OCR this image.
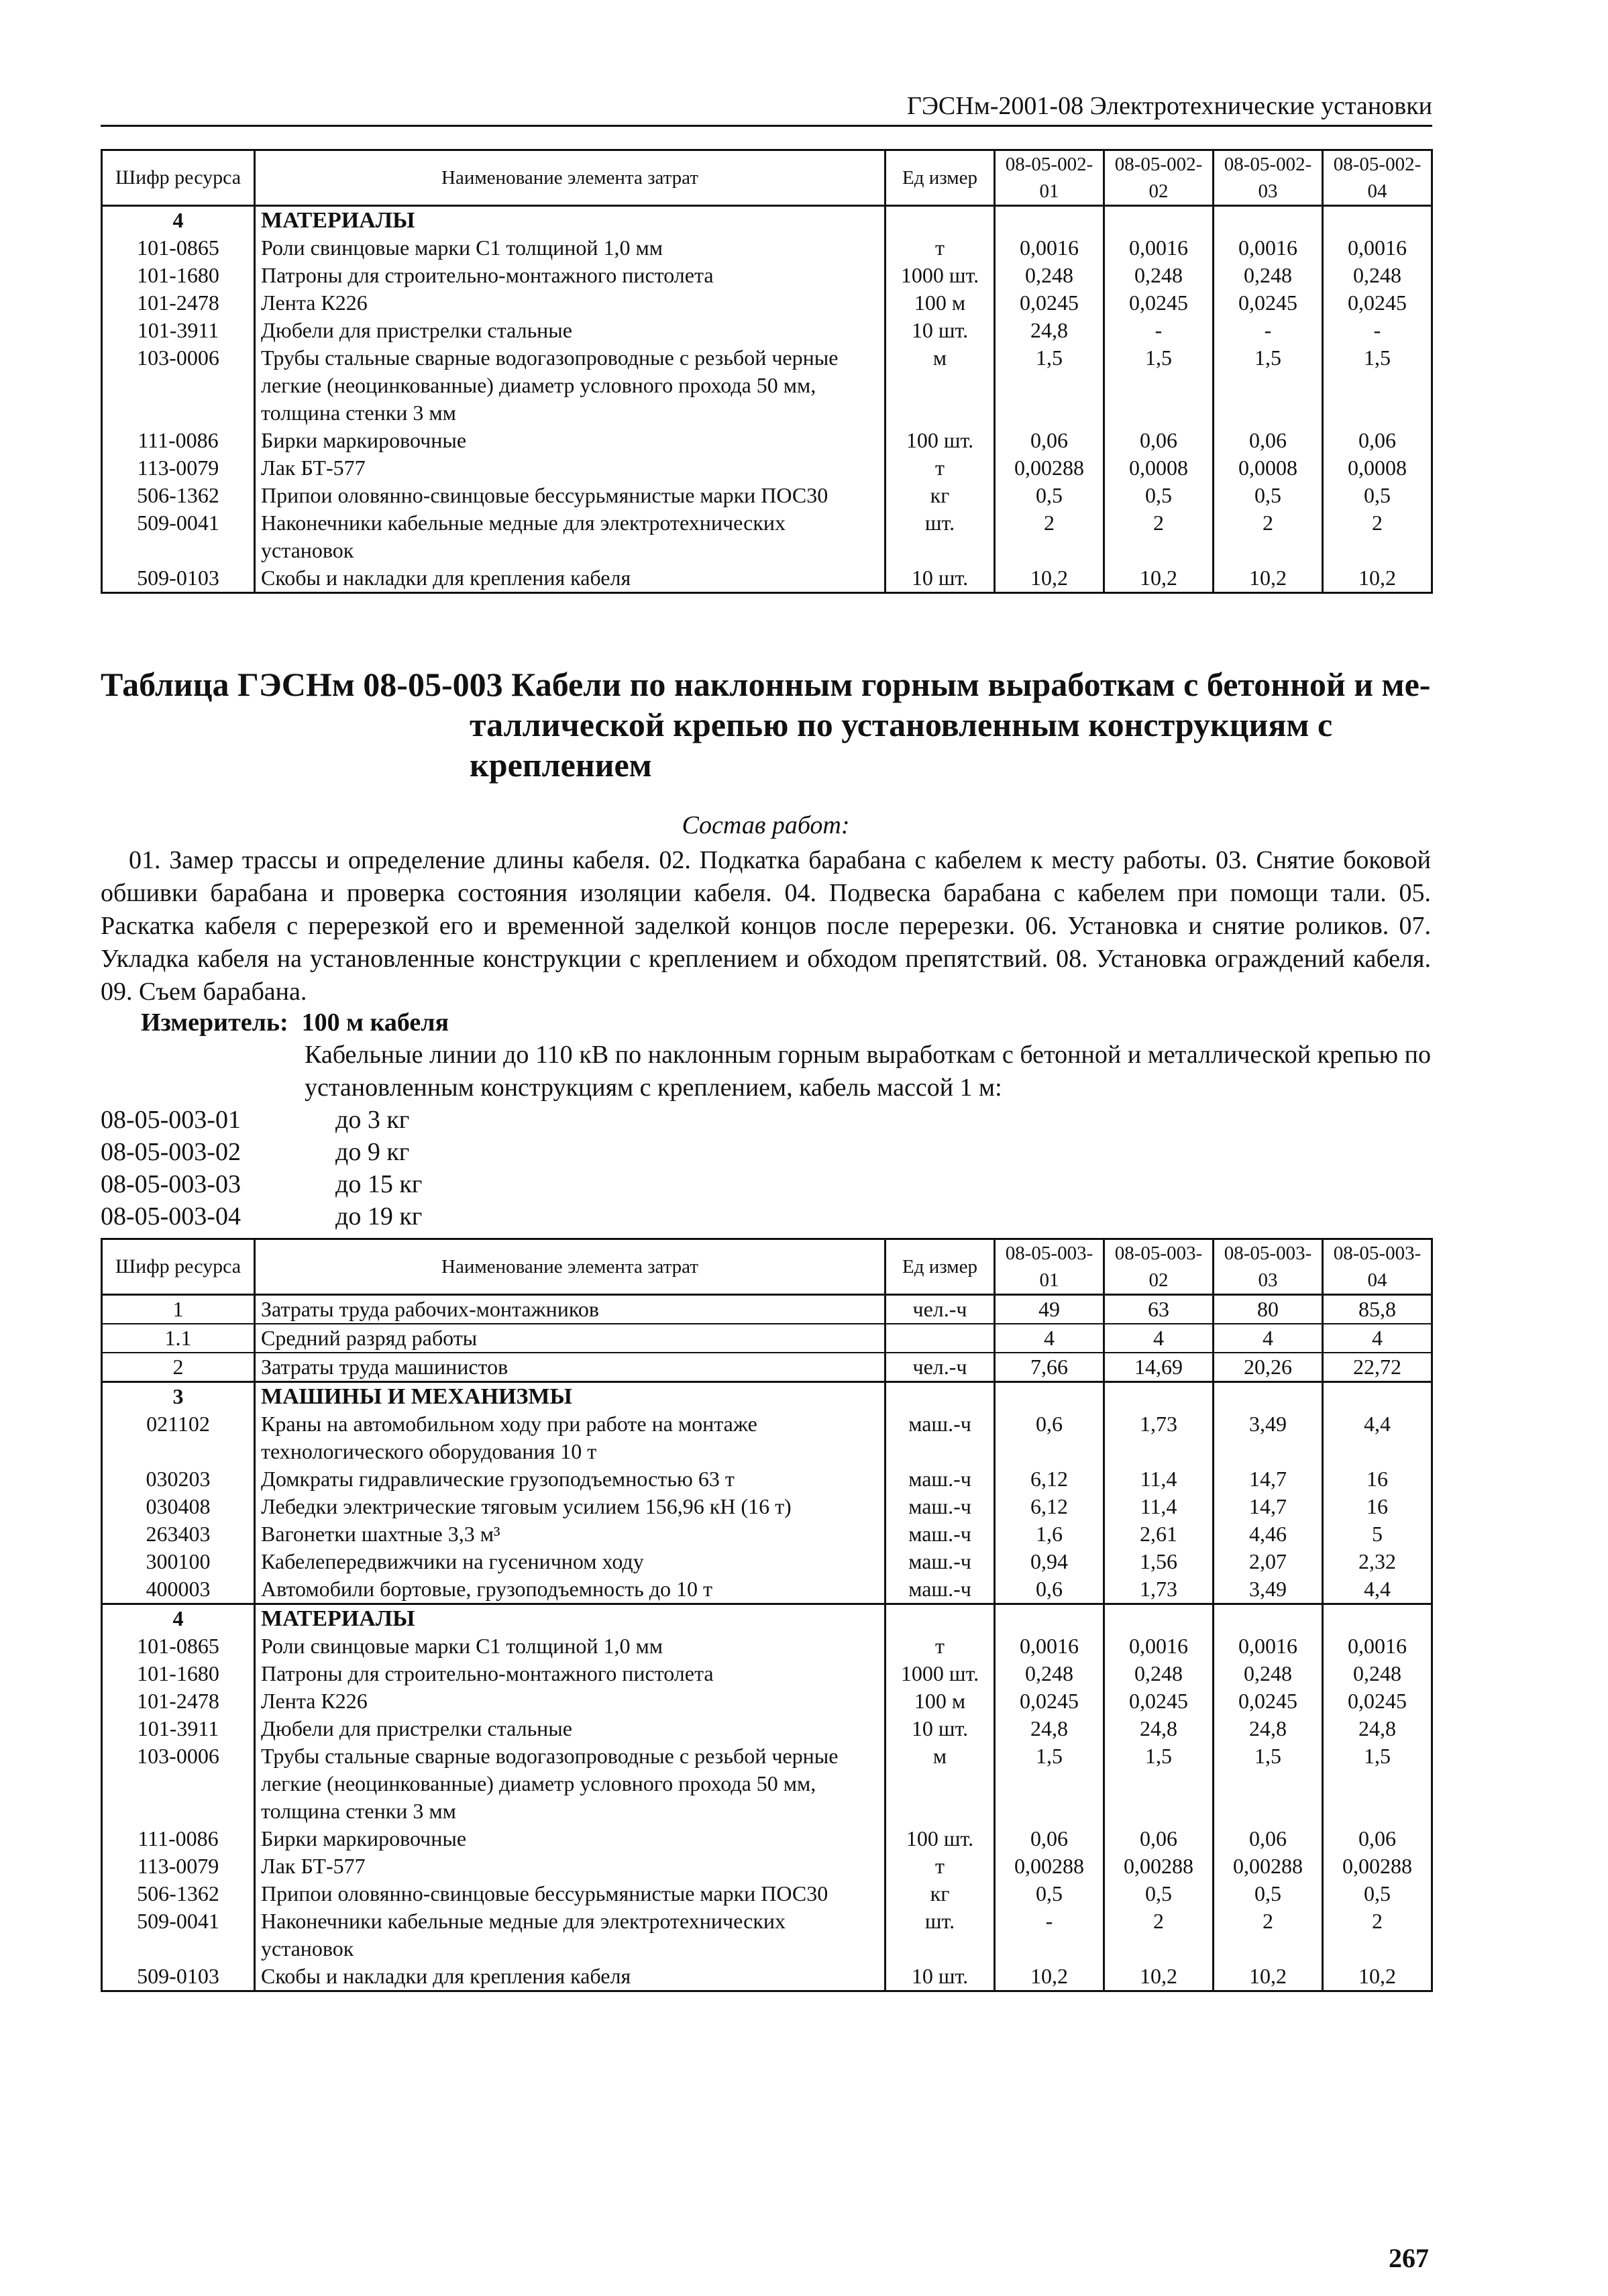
ГЭСНм-2001-08 Электротехнические установки
Шифр ресурса	Наименование элемента затрат	Ед измер	08-05-002-01	08-05-002-02	08-05-002-03	08-05-002-04
4	МАТЕРИАЛЫ					
101-0865	Роли свинцовые марки С1 толщиной 1,0 мм	т	0,0016	0,0016	0,0016	0,0016
101-1680	Патроны для строительно-монтажного пистолета	1000 шт.	0,248	0,248	0,248	0,248
101-2478	Лента К226	100 м	0,0245	0,0245	0,0245	0,0245
101-3911	Дюбели для пристрелки стальные	10 шт.	24,8	-	-	-
103-0006	Трубы стальные сварные водогазопроводные с резьбой черные легкие (неоцинкованные) диаметр условного прохода 50 мм, толщина стенки 3 мм	м	1,5	1,5	1,5	1,5
111-0086	Бирки маркировочные	100 шт.	0,06	0,06	0,06	0,06
113-0079	Лак БТ-577	т	0,00288	0,0008	0,0008	0,0008
506-1362	Припои оловянно-свинцовые бессурьмянистые марки ПОС30	кг	0,5	0,5	0,5	0,5
509-0041	Наконечники кабельные медные для электротехнических установок	шт.	2	2	2	2
509-0103	Скобы и накладки для крепления кабеля	10 шт.	10,2	10,2	10,2	10,2
Таблица ГЭСНм 08-05-003 Кабели по наклонным горным выработкам с бетонной и ме-
таллической крепью по установленным конструкциям с
креплением
Состав работ:

01. Замер трассы и определение длины кабеля. 02. Подкатка барабана с кабелем к месту работы. 03. Снятие боковой обшивки барабана и проверка состояния изоляции кабеля. 04. Подвеска барабана с кабелем при помощи тали. 05. Раскатка кабеля с перерезкой его и временной заделкой концов после перерезки. 06. Установка и снятие роликов. 07. Укладка кабеля на установленные конструкции с креплением и обходом препятствий. 08. Установка ограждений кабеля. 09. Съем барабана.

Измеритель: 100 м кабеля

Кабельные линии до 110 кВ по наклонным горным выработкам с бетонной и металлической крепью по установленным конструкциям с креплением, кабель массой 1 м:

08-05-003-01	до 3 кг
08-05-003-02	до 9 кг
08-05-003-03	до 15 кг
08-05-003-04	до 19 кг
Шифр ресурса	Наименование элемента затрат	Ед измер	08-05-003-01	08-05-003-02	08-05-003-03	08-05-003-04
1	Затраты труда рабочих-монтажников	чел.-ч	49	63	80	85,8
1.1	Средний разряд работы		4	4	4	4
2	Затраты труда машинистов	чел.-ч	7,66	14,69	20,26	22,72
3	МАШИНЫ И МЕХАНИЗМЫ					
021102	Краны на автомобильном ходу при работе на монтаже технологического оборудования 10 т	маш.-ч	0,6	1,73	3,49	4,4
030203	Домкраты гидравлические грузоподъемностью 63 т	маш.-ч	6,12	11,4	14,7	16
030408	Лебедки электрические тяговым усилием 156,96 кН (16 т)	маш.-ч	6,12	11,4	14,7	16
263403	Вагонетки шахтные 3,3 м³	маш.-ч	1,6	2,61	4,46	5
300100	Кабелепередвижчики на гусеничном ходу	маш.-ч	0,94	1,56	2,07	2,32
400003	Автомобили бортовые, грузоподъемность до 10 т	маш.-ч	0,6	1,73	3,49	4,4
4	МАТЕРИАЛЫ					
101-0865	Роли свинцовые марки С1 толщиной 1,0 мм	т	0,0016	0,0016	0,0016	0,0016
101-1680	Патроны для строительно-монтажного пистолета	1000 шт.	0,248	0,248	0,248	0,248
101-2478	Лента К226	100 м	0,0245	0,0245	0,0245	0,0245
101-3911	Дюбели для пристрелки стальные	10 шт.	24,8	24,8	24,8	24,8
103-0006	Трубы стальные сварные водогазопроводные с резьбой черные легкие (неоцинкованные) диаметр условного прохода 50 мм, толщина стенки 3 мм	м	1,5	1,5	1,5	1,5
111-0086	Бирки маркировочные	100 шт.	0,06	0,06	0,06	0,06
113-0079	Лак БТ-577	т	0,00288	0,00288	0,00288	0,00288
506-1362	Припои оловянно-свинцовые бессурьмянистые марки ПОС30	кг	0,5	0,5	0,5	0,5
509-0041	Наконечники кабельные медные для электротехнических установок	шт.	-	2	2	2
509-0103	Скобы и накладки для крепления кабеля	10 шт.	10,2	10,2	10,2	10,2
267
